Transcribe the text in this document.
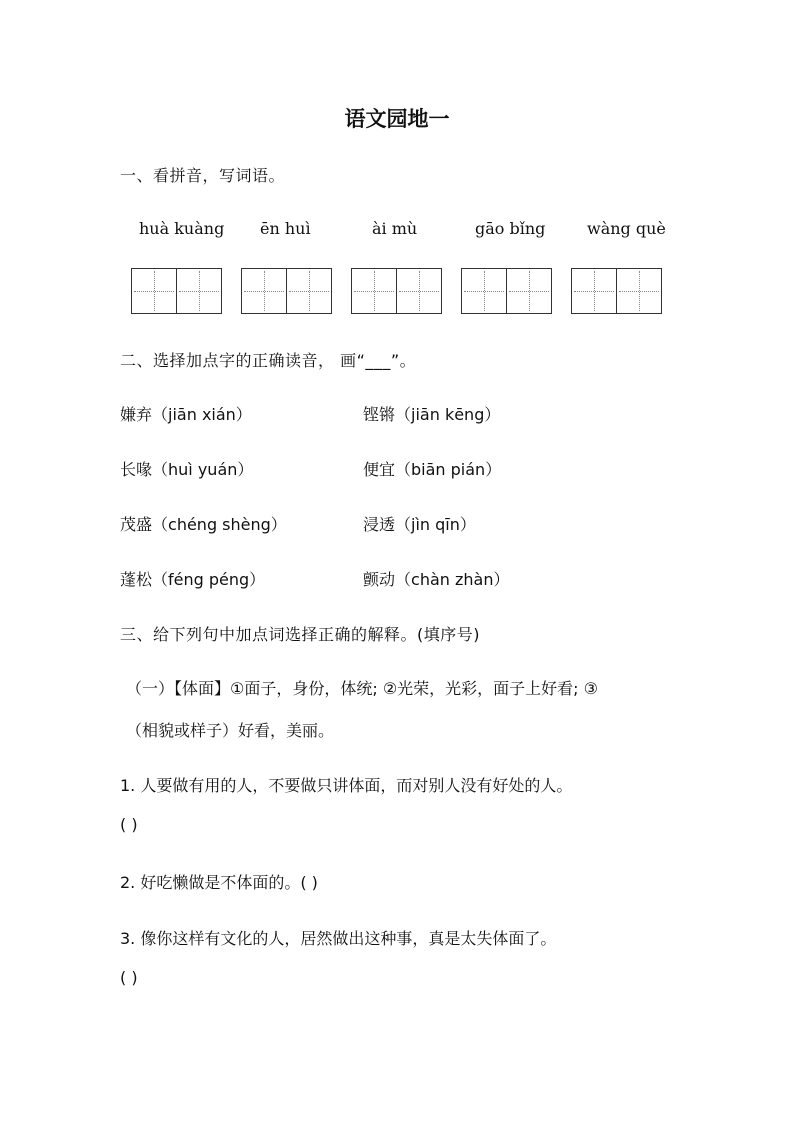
语文园地一
一、看拼音，写词语。
huà kuàng ēn huì	ài mù	gāo bǐng	wàng què
二、选择加点字的正确读音， 画“___”。
嫌弃（jiān xián）	铿锵（jiān kēng）
长喙（huì yuán）	便宜（biān pián）
茂盛（chéng shèng）	浸透（jìn qīn）
蓬松（féng péng）	颤动（chàn zhàn）
三、给下列句中加点词选择正确的解释。(填序号)
（一）【体面】①面子，身份，体统; ②光荣，光彩，面子上好看; ③
（相貌或样子）好看，美丽。
1. 人要做有用的人，不要做只讲体面，而对别人没有好处的人。
( )
2. 好吃懒做是不体面的。( )
3. 像你这样有文化的人，居然做出这种事，真是太失体面了。
( )
